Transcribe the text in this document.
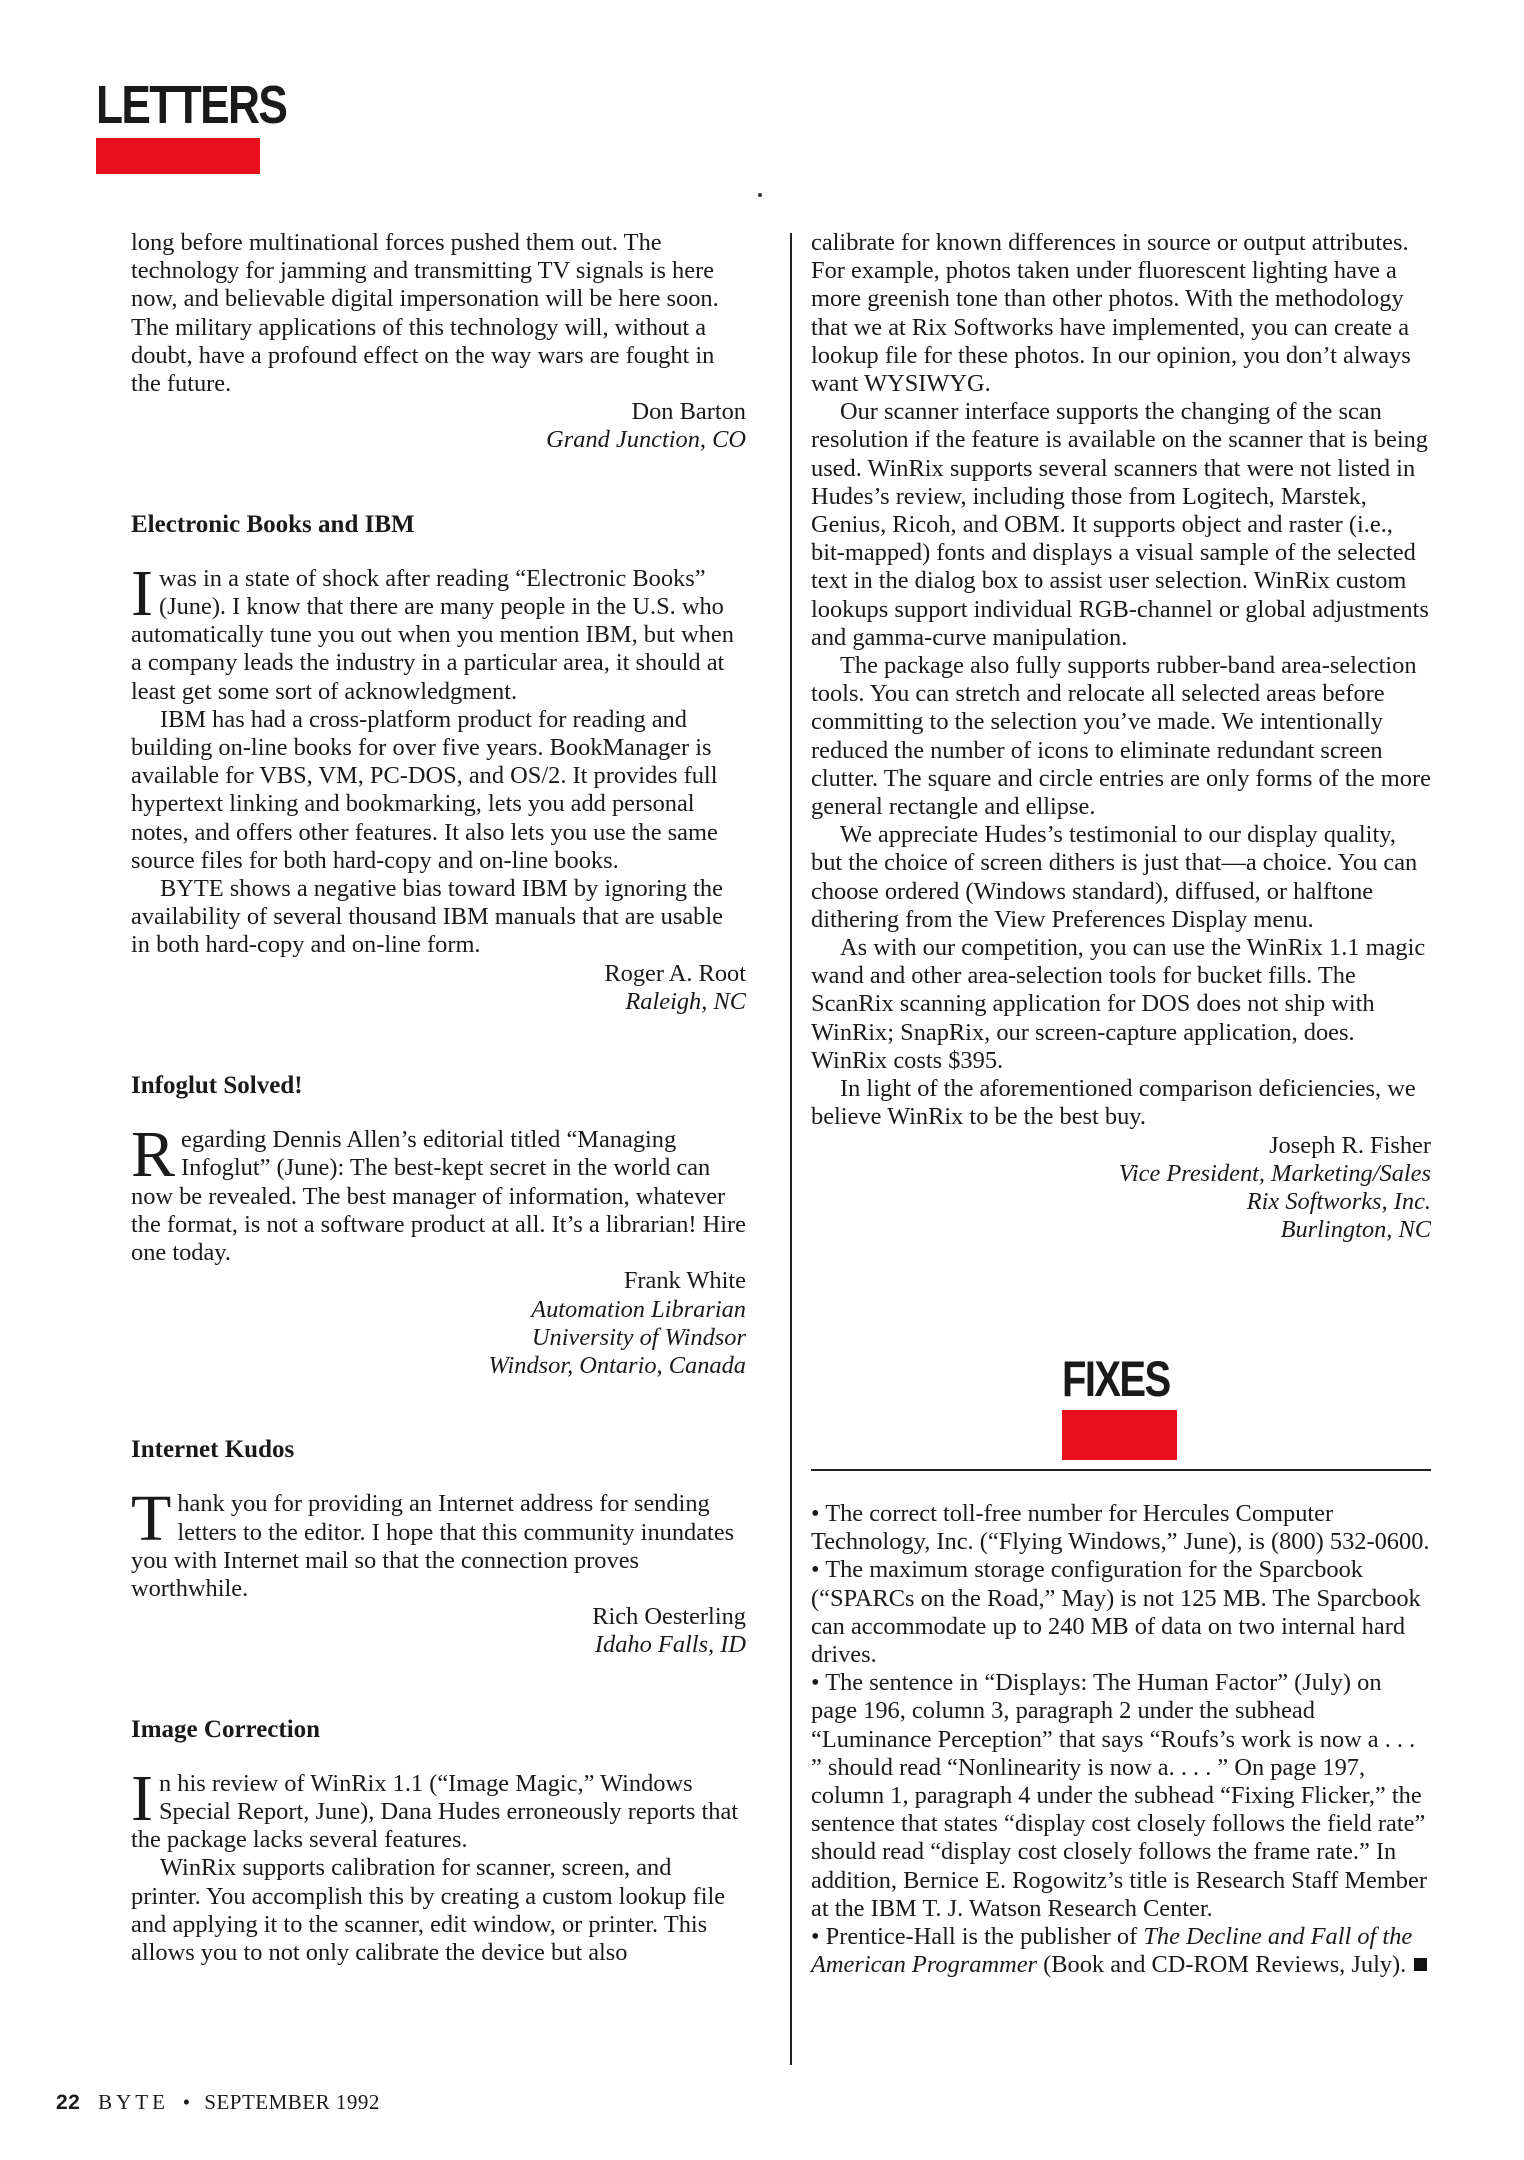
LETTERS

long before multinational forces pushed them out. The technology for jamming and transmitting TV signals is here now, and believable digital impersonation will be here soon. The military applications of this technology will, without a doubt, have a profound effect on the way wars are fought in the future.

Don Barton
Grand Junction, CO

Electronic Books and IBM

Iwas in a state of shock after reading “Electronic Books” (June). I know that there are many people in the U.S. who automatically tune you out when you mention IBM, but when a company leads the industry in a particular area, it should at least get some sort of acknowledgment.

IBM has had a cross-platform product for reading and building on-line books for over five years. BookManager is available for VBS, VM, PC-DOS, and OS/2. It provides full hypertext linking and bookmarking, lets you add personal notes, and offers other features. It also lets you use the same source files for both hard-copy and on-line books.

BYTE shows a negative bias toward IBM by ignoring the availability of several thousand IBM manuals that are usable in both hard-copy and on-line form.

Roger A. Root
Raleigh, NC

Infoglut Solved!

Regarding Dennis Allen’s editorial titled “Managing Infoglut” (June): The best-kept secret in the world can now be revealed. The best manager of information, whatever the format, is not a software product at all. It’s a librarian! Hire one today.

Frank White
Automation Librarian
University of Windsor
Windsor, Ontario, Canada

Internet Kudos

Thank you for providing an Internet address for sending letters to the editor. I hope that this community inundates you with Internet mail so that the connection proves worthwhile.

Rich Oesterling
Idaho Falls, ID

Image Correction

In his review of WinRix 1.1 (“Image Magic,” Windows Special Report, June), Dana Hudes erroneously reports that the package lacks several features.

WinRix supports calibration for scanner, screen, and printer. You accomplish this by creating a custom lookup file and applying it to the scanner, edit window, or printer. This allows you to not only calibrate the device but also

calibrate for known differences in source or output attributes. For example, photos taken under fluorescent lighting have a more greenish tone than other photos. With the methodology that we at Rix Softworks have implemented, you can create a lookup file for these photos. In our opinion, you don’t always want WYSIWYG.

Our scanner interface supports the changing of the scan resolution if the feature is available on the scanner that is being used. WinRix supports several scanners that were not listed in Hudes’s review, including those from Logitech, Marstek, Genius, Ricoh, and OBM. It supports object and raster (i.e., bit-mapped) fonts and displays a visual sample of the selected text in the dialog box to assist user selection. WinRix custom lookups support individual RGB-channel or global adjustments and gamma-curve manipulation.

The package also fully supports rubber-band area-selection tools. You can stretch and relocate all selected areas before committing to the selection you’ve made. We intentionally reduced the number of icons to eliminate redundant screen clutter. The square and circle entries are only forms of the more general rectangle and ellipse.

We appreciate Hudes’s testimonial to our display quality, but the choice of screen dithers is just that—a choice. You can choose ordered (Windows standard), diffused, or halftone dithering from the View Preferences Display menu.

As with our competition, you can use the WinRix 1.1 magic wand and other area-selection tools for bucket fills. The ScanRix scanning application for DOS does not ship with WinRix; SnapRix, our screen-capture application, does. WinRix costs $395.

In light of the aforementioned comparison deficiencies, we believe WinRix to be the best buy.

Joseph R. Fisher
Vice President, Marketing/Sales
Rix Softworks, Inc.
Burlington, NC
FIXES

• The correct toll-free number for Hercules Computer Technology, Inc. (“Flying Windows,” June), is (800) 532-0600.

• The maximum storage configuration for the Sparcbook (“SPARCs on the Road,” May) is not 125 MB. The Sparcbook can accommodate up to 240 MB of data on two internal hard drives.

• The sentence in “Displays: The Human Factor” (July) on page 196, column 3, paragraph 2 under the subhead “Luminance Perception” that says “Roufs’s work is now a . . . ” should read “Nonlinearity is now a. . . . ” On page 197, column 1, paragraph 4 under the subhead “Fixing Flicker,” the sentence that states “display cost closely follows the field rate” should read “display cost closely follows the frame rate.” In addition, Bernice E. Rogowitz’s title is Research Staff Member at the IBM T. J. Watson Research Center.

• Prentice-Hall is the publisher of The Decline and Fall of the American Programmer (Book and CD-ROM Reviews, July).

22 BYTE • SEPTEMBER 1992
